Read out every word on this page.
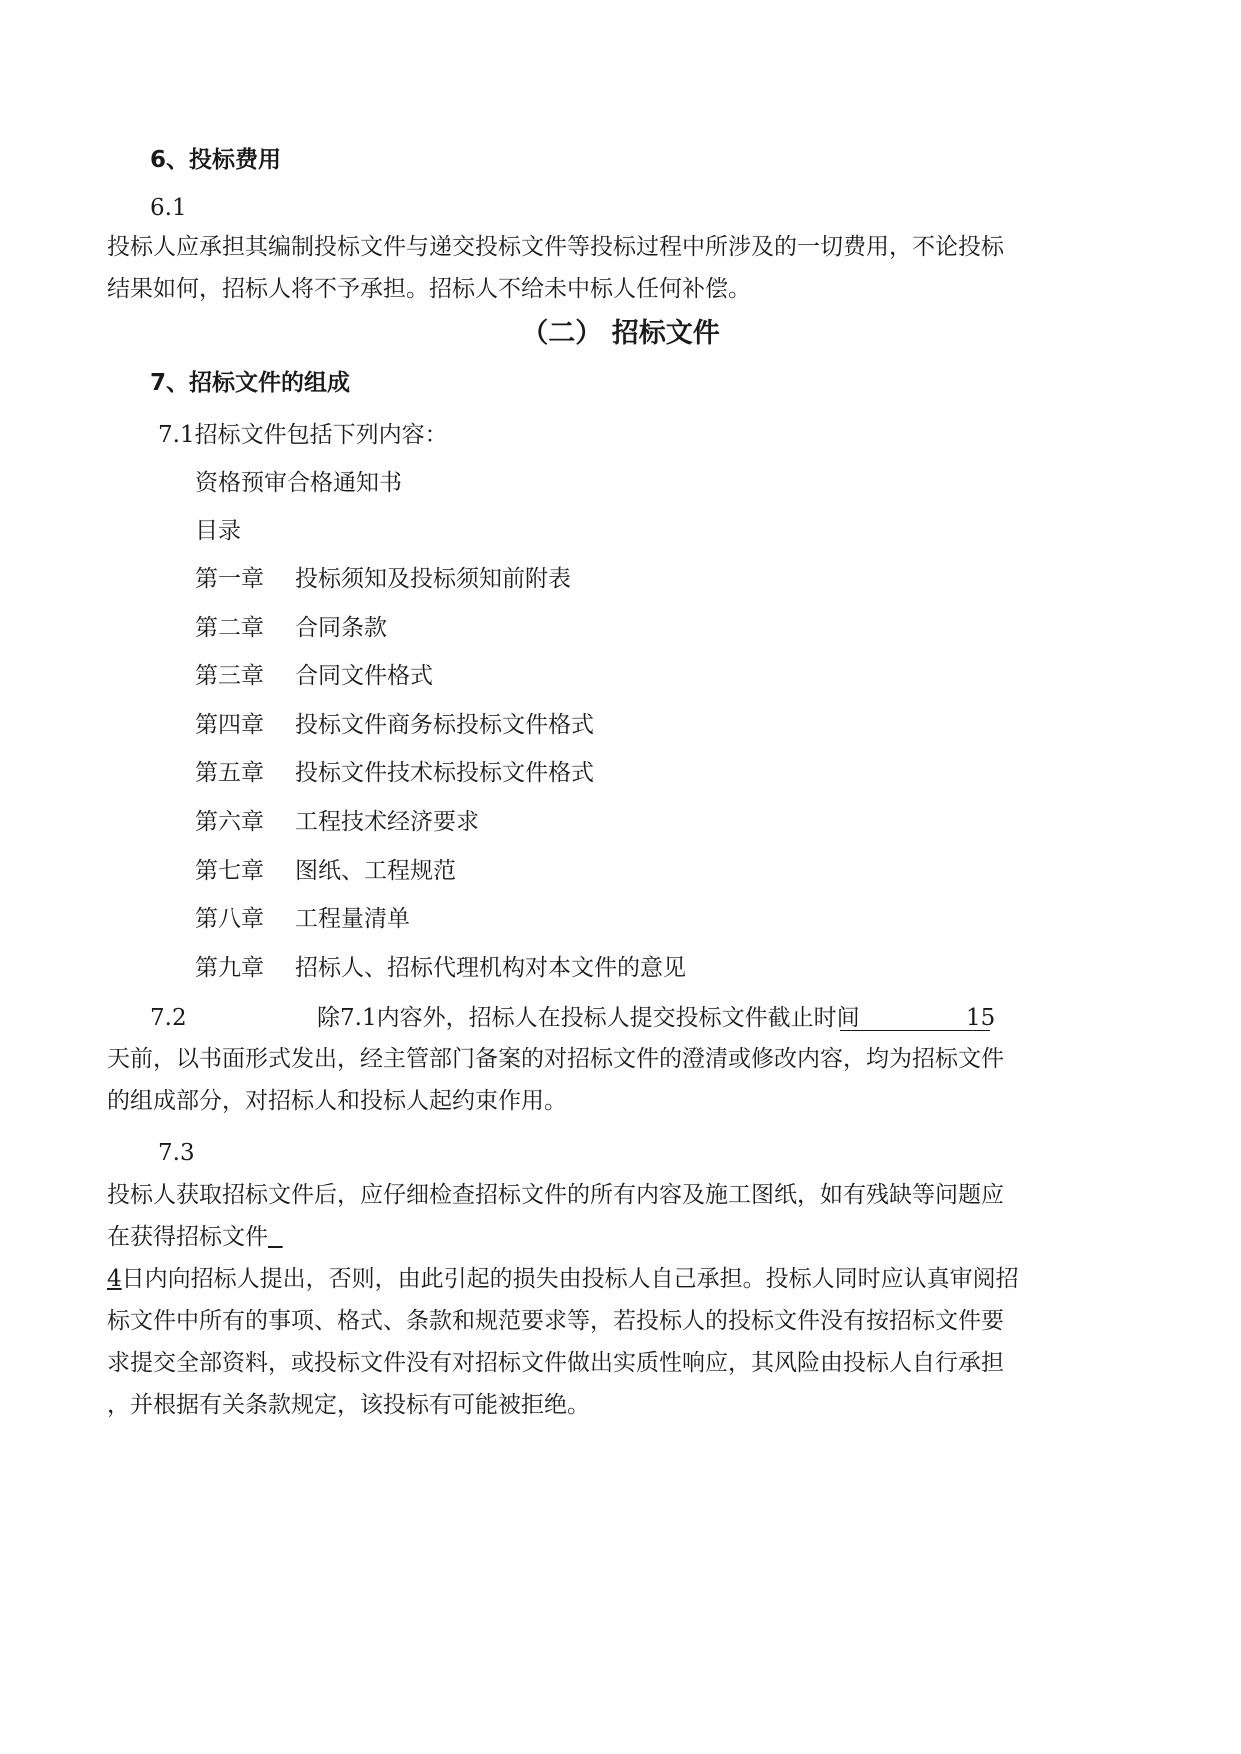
6、投标费用
6.1
投标人应承担其编制投标文件与递交投标文件等投标过程中所涉及的一切费用，不论投标
结果如何，招标人将不予承担。招标人不给未中标人任何补偿。
（二） 招标文件
7、招标文件的组成
7.1招标文件包括下列内容：
资格预审合格通知书
目录
第一章 投标须知及投标须知前附表
第二章 合同条款
第三章 合同文件格式
第四章 投标文件商务标投标文件格式
第五章 投标文件技术标投标文件格式
第六章 工程技术经济要求
第七章 图纸、工程规范
第八章 工程量清单
第九章 招标人、招标代理机构对本文件的意见
7.2	除7.1内容外，招标人在投标人提交投标文件截止时间	15
天前，以书面形式发出，经主管部门备案的对招标文件的澄清或修改内容，均为招标文件
的组成部分，对招标人和投标人起约束作用。
7.3
投标人获取招标文件后，应仔细检查招标文件的所有内容及施工图纸，如有残缺等问题应
在获得招标文件
4日内向招标人提出，否则，由此引起的损失由投标人自己承担。投标人同时应认真审阅招
标文件中所有的事项、格式、条款和规范要求等，若投标人的投标文件没有按招标文件要
求提交全部资料，或投标文件没有对招标文件做出实质性响应，其风险由投标人自行承担
，并根据有关条款规定，该投标有可能被拒绝。
